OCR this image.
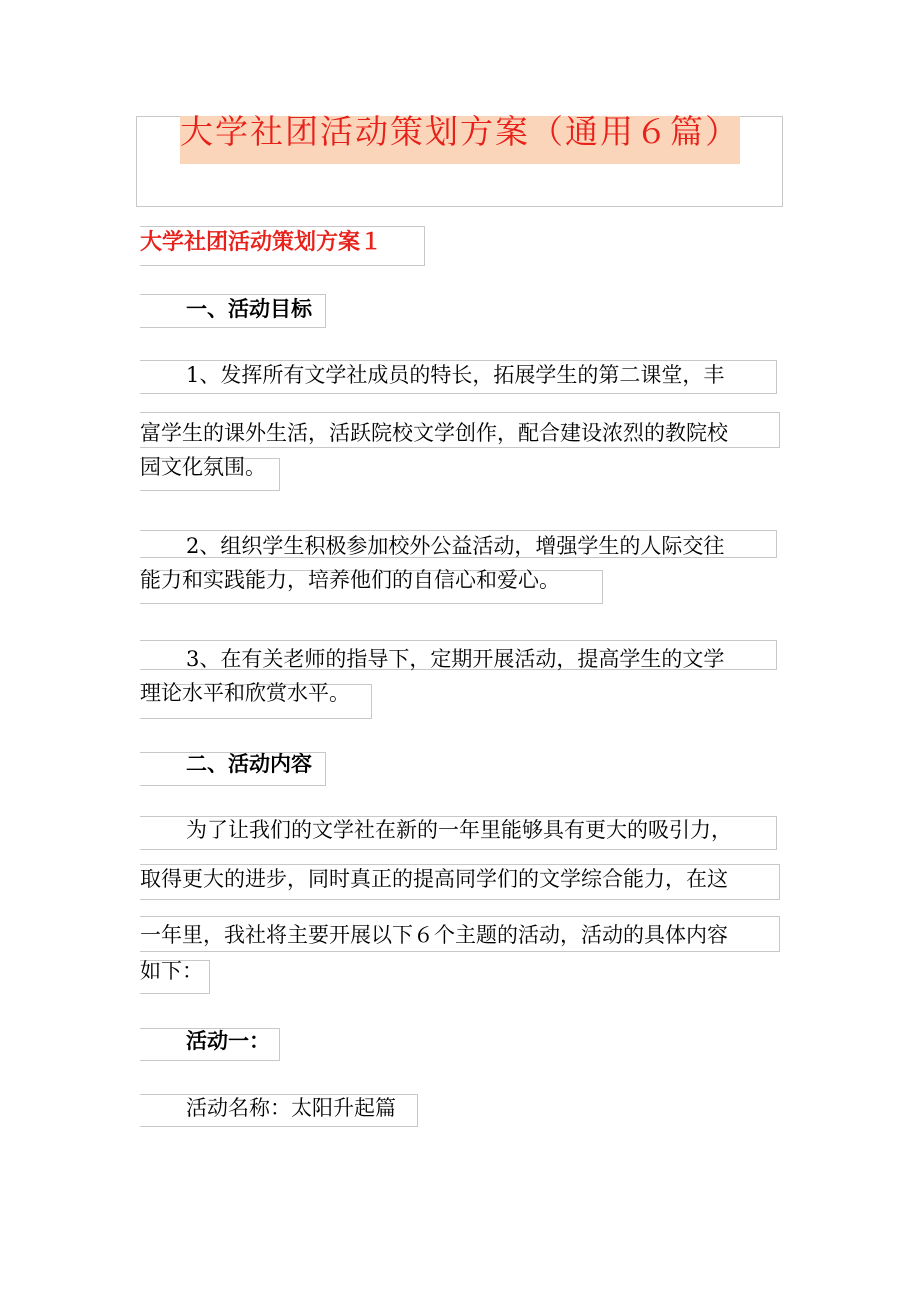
大学社团活动策划方案（通用６篇）
大学社团活动策划方案１
一、活动目标
1、发挥所有文学社成员的特长，拓展学生的第二课堂，丰
富学生的课外生活，活跃院校文学创作，配合建设浓烈的教院校
园文化氛围。
2、组织学生积极参加校外公益活动，增强学生的人际交往
能力和实践能力，培养他们的自信心和爱心。
3、在有关老师的指导下，定期开展活动，提高学生的文学
理论水平和欣赏水平。
二、活动内容
为了让我们的文学社在新的一年里能够具有更大的吸引力，
取得更大的进步，同时真正的提高同学们的文学综合能力，在这
一年里，我社将主要开展以下６个主题的活动，活动的具体内容
如下：
活动一：
活动名称：太阳升起篇
